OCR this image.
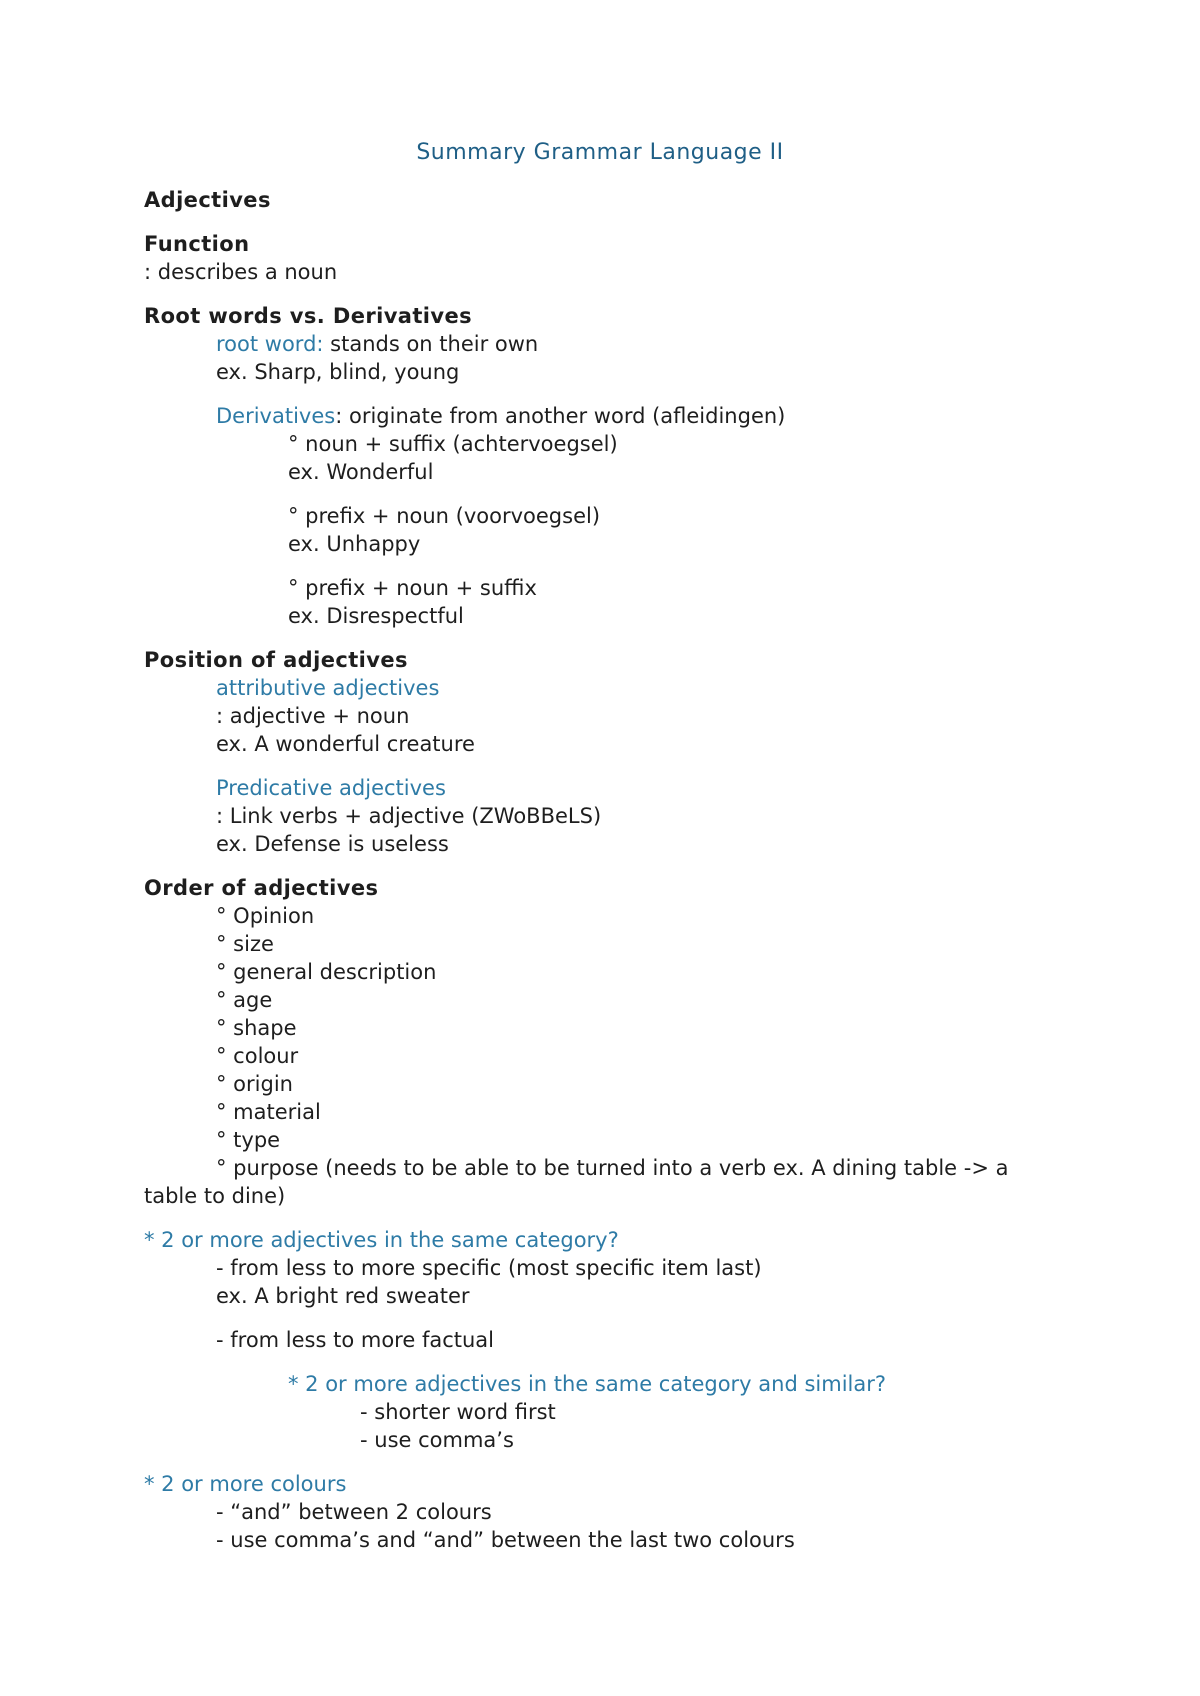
Summary Grammar Language II
Adjectives
Function
: describes a noun
Root words vs. Derivatives
root word: stands on their own
ex. Sharp, blind, young
Derivatives: originate from another word (afleidingen)
° noun + suffix (achtervoegsel)
ex. Wonderful
° prefix + noun (voorvoegsel)
ex. Unhappy
° prefix + noun + suffix
ex. Disrespectful
Position of adjectives
attributive adjectives
: adjective + noun
ex. A wonderful creature
Predicative adjectives
: Link verbs + adjective (ZWoBBeLS)
ex. Defense is useless
Order of adjectives
° Opinion
° size
° general description
° age
° shape
° colour
° origin
° material
° type
° purpose (needs to be able to be turned into a verb ex. A dining table -> a
table to dine)
* 2 or more adjectives in the same category?
- from less to more specific (most specific item last)
ex. A bright red sweater
- from less to more factual
* 2 or more adjectives in the same category and similar?
- shorter word first
- use comma’s
* 2 or more colours
- “and” between 2 colours
- use comma’s and “and” between the last two colours
